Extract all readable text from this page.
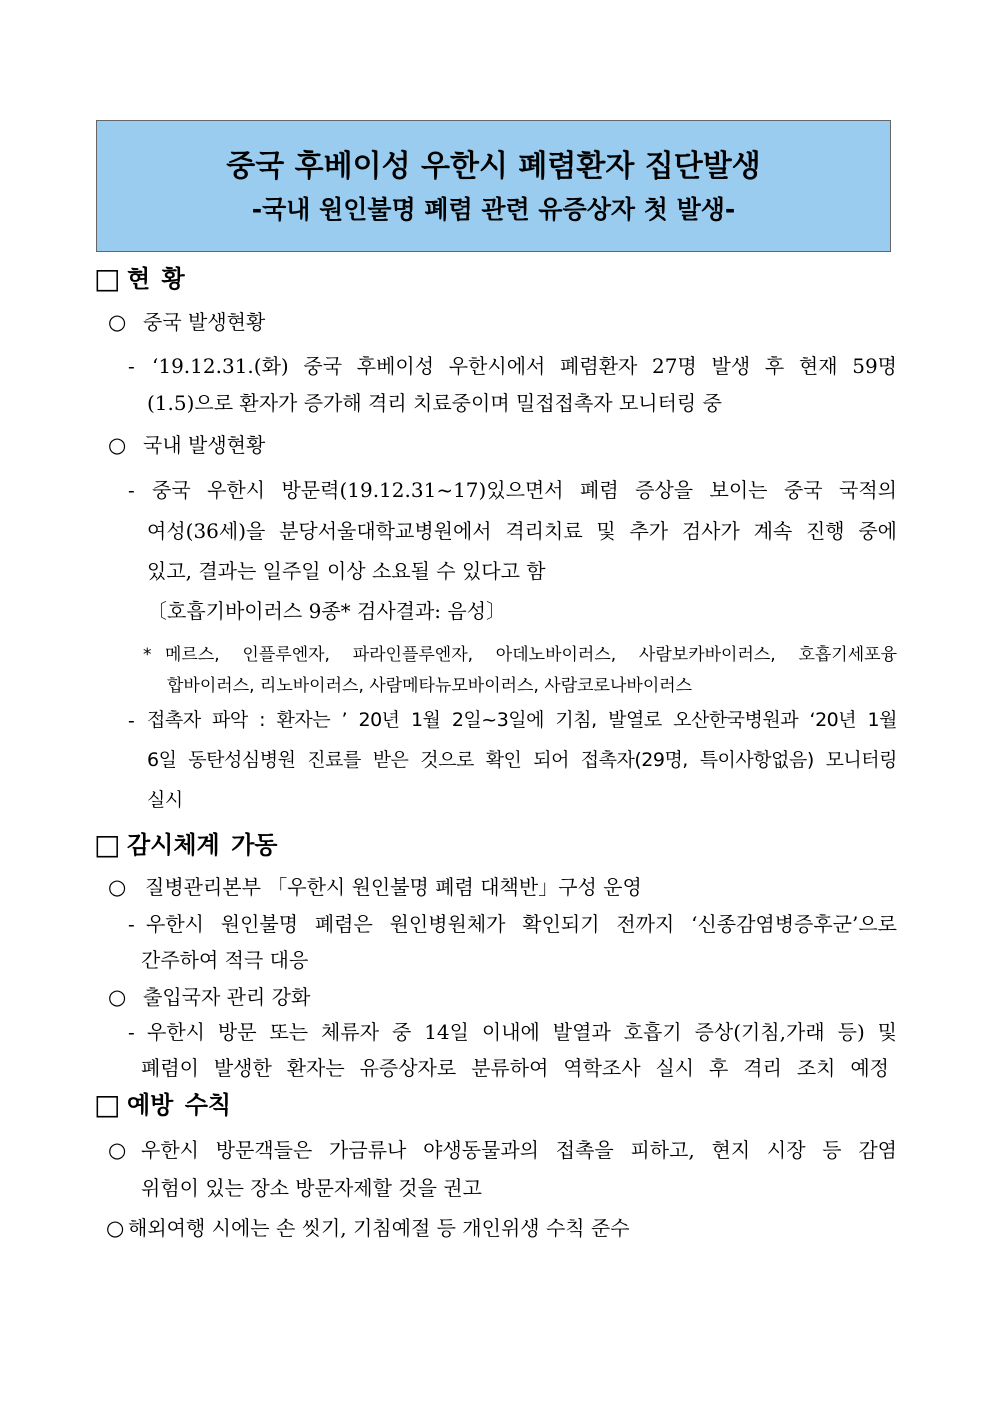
중국 후베이성 우한시 폐렴환자 집단발생
-국내 원인불명 폐렴 관련 유증상자 첫 발생-
□ 현 황
○ 중국 발생현황
- ‘19.12.31.(화) 중국 후베이성 우한시에서 폐렴환자 27명 발생 후 현재 59명
(1.5)으로 환자가 증가해 격리 치료중이며 밀접접촉자 모니터링 중
○ 국내 발생현황
- 중국 우한시 방문력(19.12.31~17)있으면서 폐렴 증상을 보이는 중국 국적의
여성(36세)을 분당서울대학교병원에서 격리치료 및 추가 검사가 계속 진행 중에
있고, 결과는 일주일 이상 소요될 수 있다고 함
〔호흡기바이러스 9종* 검사결과: 음성〕
* 메르스, 인플루엔자, 파라인플루엔자, 아데노바이러스, 사람보카바이러스, 호흡기세포융
합바이러스, 리노바이러스, 사람메타뉴모바이러스, 사람코로나바이러스
- 접촉자 파악 : 환자는 ’ 20년 1월 2일~3일에 기침, 발열로 오산한국병원과 ‘20년 1월
6일 동탄성심병원 진료를 받은 것으로 확인 되어 접촉자(29명, 특이사항없음) 모니터링
실시
□ 감시체계 가동
○ 질병관리본부 「우한시 원인불명 폐렴 대책반」구성 운영
- 우한시 원인불명 폐렴은 원인병원체가 확인되기 전까지 ‘신종감염병증후군’으로
간주하여 적극 대응
○ 출입국자 관리 강화
- 우한시 방문 또는 체류자 중 14일 이내에 발열과 호흡기 증상(기침,가래 등) 및
폐렴이 발생한 환자는 유증상자로 분류하여 역학조사 실시 후 격리 조치 예정
□ 예방 수칙
○ 우한시 방문객들은 가금류나 야생동물과의 접촉을 피하고, 현지 시장 등 감염
위험이 있는 장소 방문자제할 것을 권고
○ 해외여행 시에는 손 씻기, 기침예절 등 개인위생 수칙 준수
